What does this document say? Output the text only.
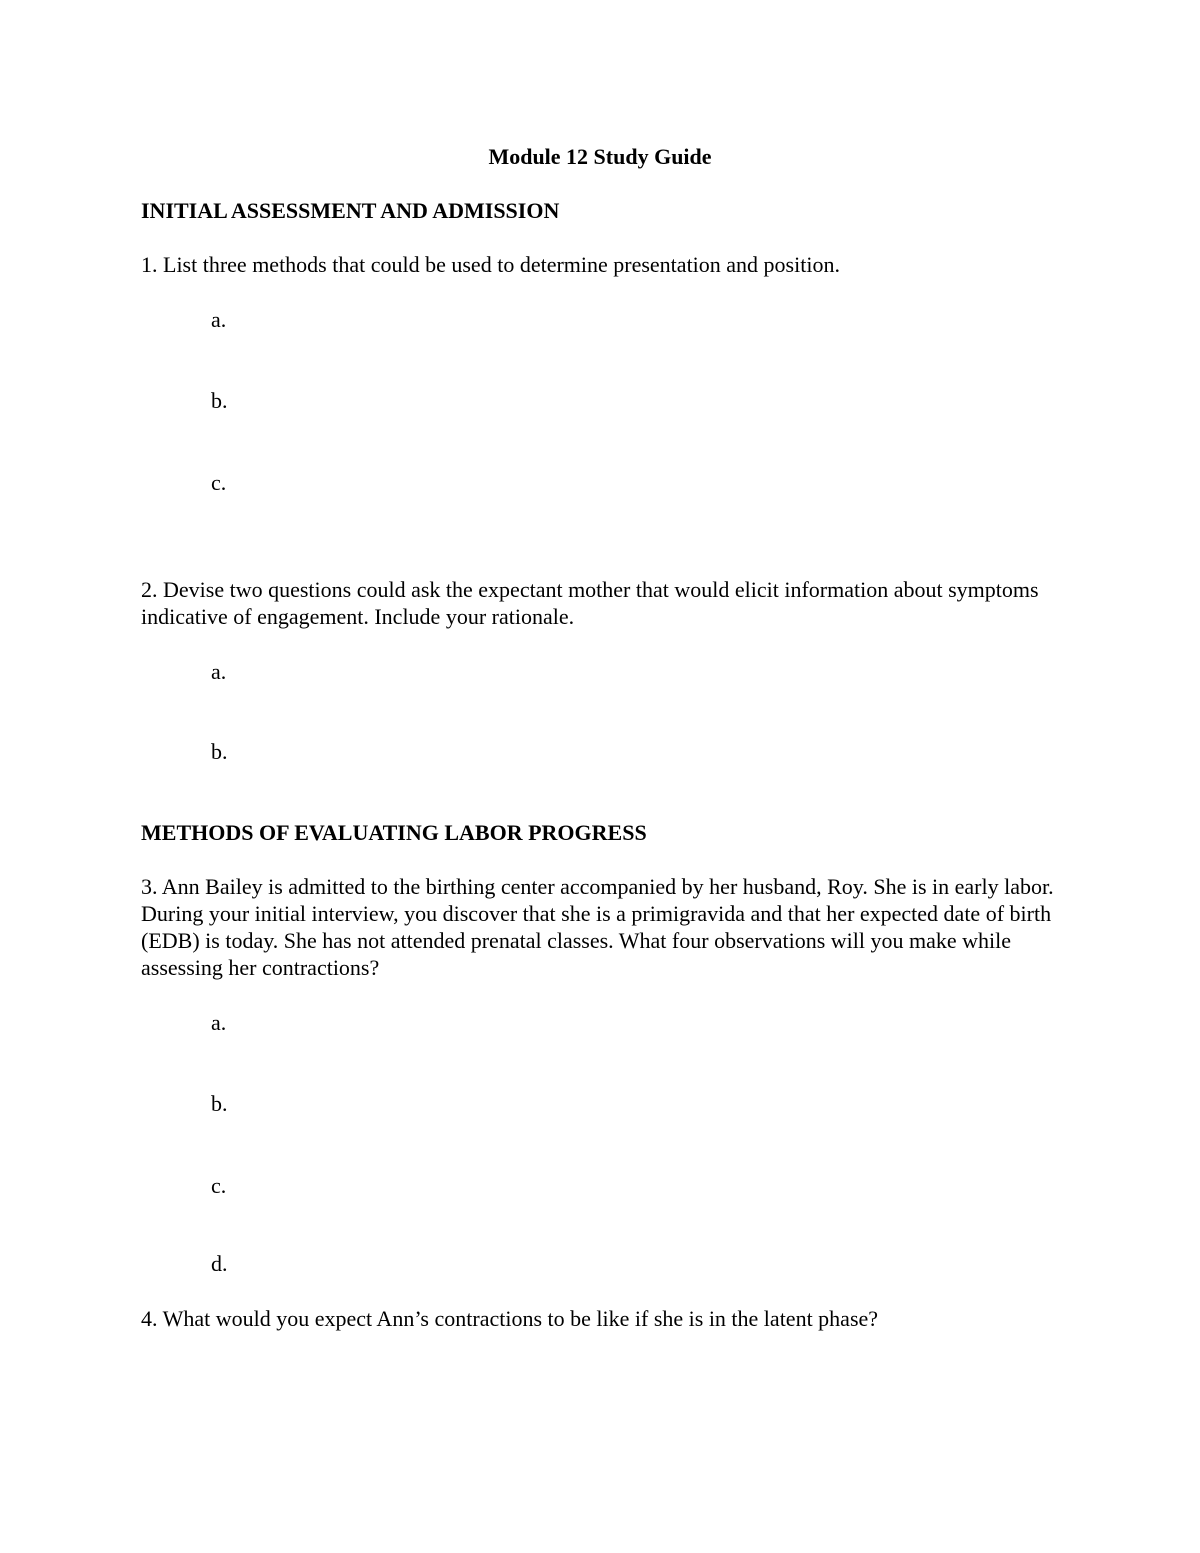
Module 12 Study Guide

INITIAL ASSESSMENT AND ADMISSION

1. List three methods that could be used to determine presentation and position.

a.

b.

c.

2. Devise two questions could ask the expectant mother that would elicit information about symptoms indicative of engagement. Include your rationale.

a.

b.

METHODS OF EVALUATING LABOR PROGRESS

3. Ann Bailey is admitted to the birthing center accompanied by her husband, Roy. She is in early labor. During your initial interview, you discover that she is a primigravida and that her expected date of birth (EDB) is today. She has not attended prenatal classes. What four observations will you make while assessing her contractions?

a.

b.

c.

d.

4. What would you expect Ann’s contractions to be like if she is in the latent phase?
